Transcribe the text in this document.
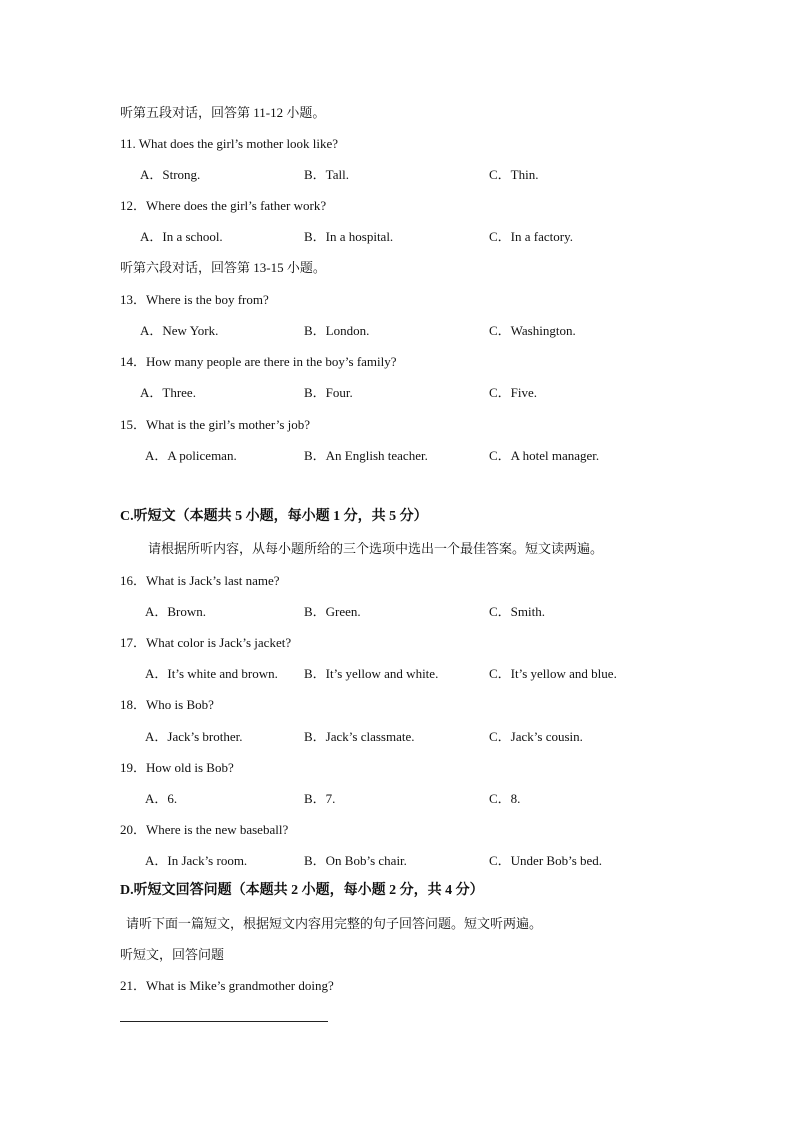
听第五段对话，回答第 11-12 小题。
11. What does the girl’s mother look like?
A．Strong.	B．Tall.	C．Thin.
12．Where does the girl’s father work?
A．In a school.	B．In a hospital.	C．In a factory.
听第六段对话，回答第 13-15 小题。
13．Where is the boy from?
A．New York.	B．London.	C．Washington.
14．How many people are there in the boy’s family?
A．Three.	B．Four.	C．Five.
15．What is the girl’s mother’s job?
A．A policeman.	B．An English teacher.	C．A hotel manager.
C.听短文（本题共 5 小题，每小题 1 分，共 5 分）
请根据所听内容，从每小题所给的三个选项中选出一个最佳答案。短文读两遍。
16．What is Jack’s last name?
A．Brown.	B．Green.	C．Smith.
17．What color is Jack’s jacket?
A．It’s white and brown. B．It’s yellow and white.	C．It’s yellow and blue.
18．Who is Bob?
A．Jack’s brother.	B．Jack’s classmate.	C．Jack’s cousin.
19．How old is Bob?
A．6.	B．7.	C．8.
20．Where is the new baseball?
A．In Jack’s room.	B．On Bob’s chair.	C．Under Bob’s bed.
D.听短文回答问题（本题共 2 小题，每小题 2 分，共 4 分）
请听下面一篇短文，根据短文内容用完整的句子回答问题。短文听两遍。
听短文，回答问题
21．What is Mike’s grandmother doing?
